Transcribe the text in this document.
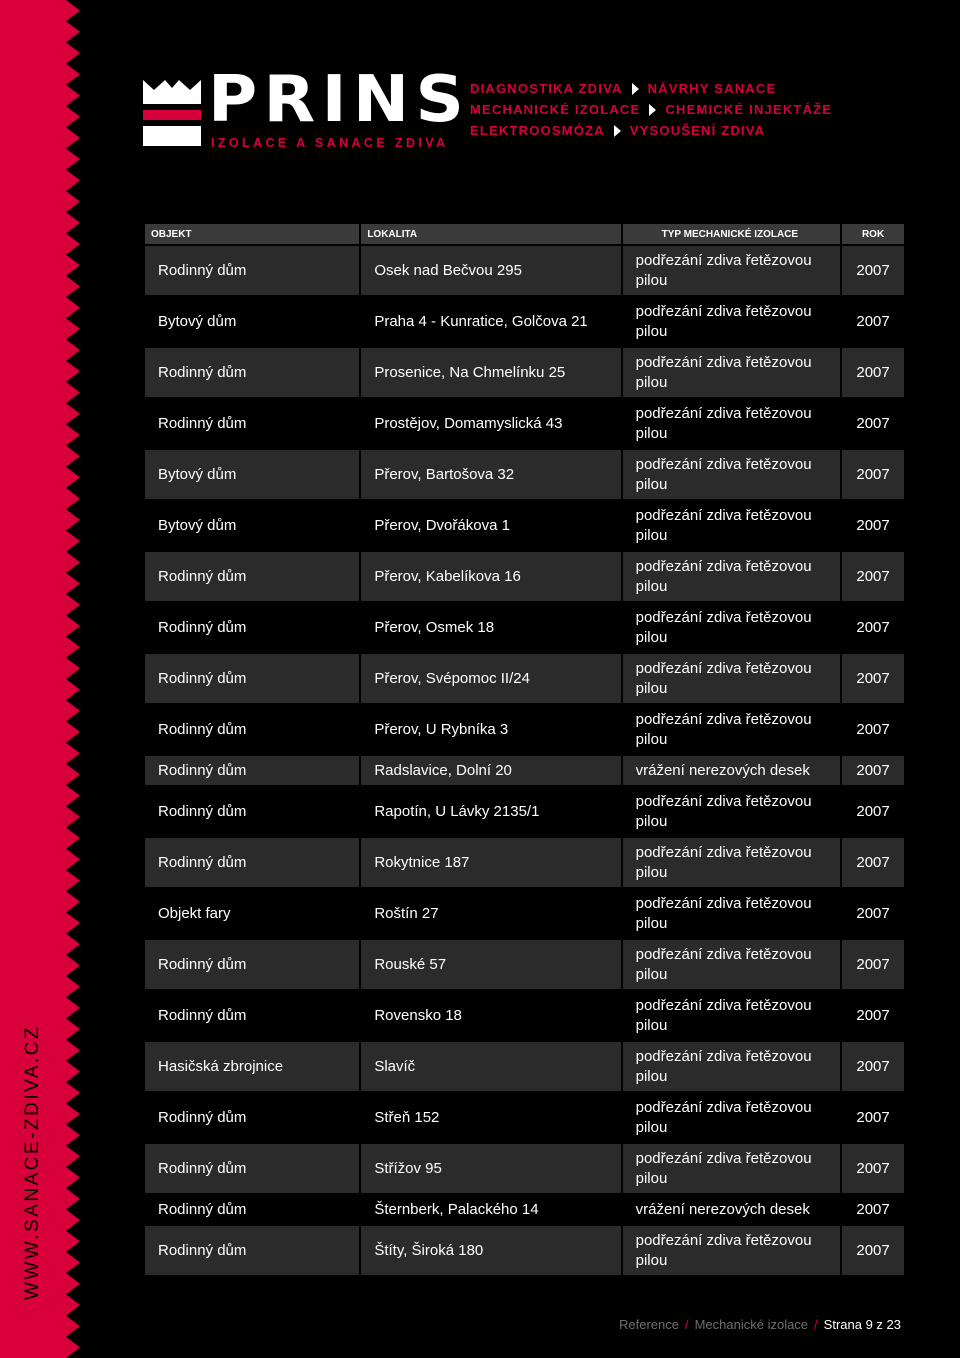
WWW.SANACE-ZDIVA.CZ
PRINS
IZOLACE A SANACE ZDIVA
DIAGNOSTIKA ZDIVA NÁVRHY SANACE
MECHANICKÉ IZOLACE CHEMICKÉ INJEKTÁŽE
ELEKTROOSMÓZA VYSOUŠENÍ ZDIVA
OBJEKT	LOKALITA	TYP MECHANICKÉ IZOLACE	ROK
Rodinný dům	Osek nad Bečvou 295	podřezání zdiva řetězovou pilou	2007
Bytový dům	Praha 4 - Kunratice, Golčova 21	podřezání zdiva řetězovou pilou	2007
Rodinný dům	Prosenice, Na Chmelínku 25	podřezání zdiva řetězovou pilou	2007
Rodinný dům	Prostějov, Domamyslická 43	podřezání zdiva řetězovou pilou	2007
Bytový dům	Přerov, Bartošova 32	podřezání zdiva řetězovou pilou	2007
Bytový dům	Přerov, Dvořákova 1	podřezání zdiva řetězovou pilou	2007
Rodinný dům	Přerov, Kabelíkova 16	podřezání zdiva řetězovou pilou	2007
Rodinný dům	Přerov, Osmek 18	podřezání zdiva řetězovou pilou	2007
Rodinný dům	Přerov, Svépomoc II/24	podřezání zdiva řetězovou pilou	2007
Rodinný dům	Přerov, U Rybníka 3	podřezání zdiva řetězovou pilou	2007
Rodinný dům	Radslavice, Dolní 20	vrážení nerezových desek	2007
Rodinný dům	Rapotín, U Lávky 2135/1	podřezání zdiva řetězovou pilou	2007
Rodinný dům	Rokytnice 187	podřezání zdiva řetězovou pilou	2007
Objekt fary	Roštín 27	podřezání zdiva řetězovou pilou	2007
Rodinný dům	Rouské 57	podřezání zdiva řetězovou pilou	2007
Rodinný dům	Rovensko 18	podřezání zdiva řetězovou pilou	2007
Hasičská zbrojnice	Slavíč	podřezání zdiva řetězovou pilou	2007
Rodinný dům	Střeň 152	podřezání zdiva řetězovou pilou	2007
Rodinný dům	Střížov 95	podřezání zdiva řetězovou pilou	2007
Rodinný dům	Šternberk, Palackého 14	vrážení nerezových desek	2007
Rodinný dům	Štíty, Široká 180	podřezání zdiva řetězovou pilou	2007
Reference / Mechanické izolace / Strana 9 z 23
